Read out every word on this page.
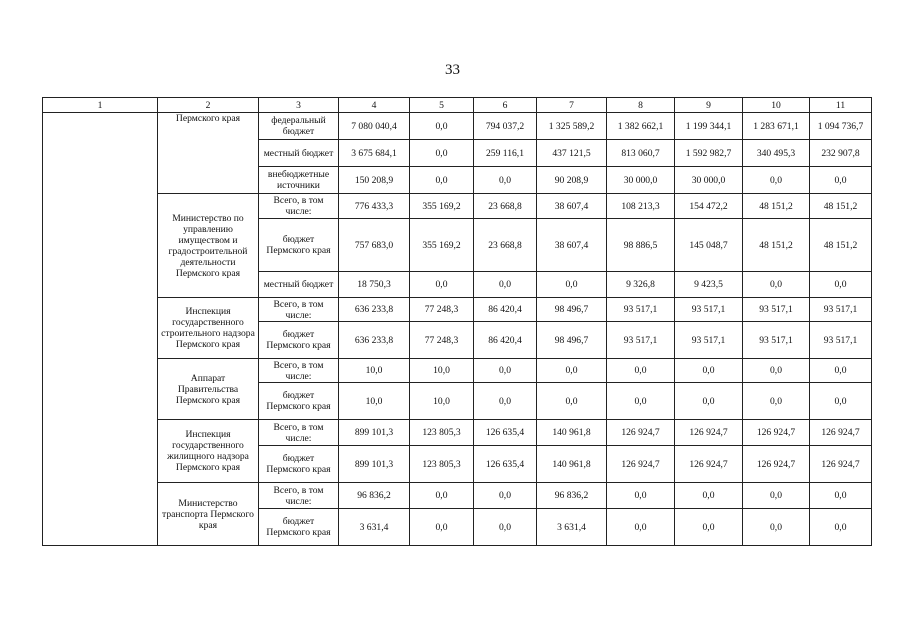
33
1	2	3	4	5	6	7	8	9	10	11
	Пермского края	федеральный бюджет	7 080 040,4	0,0	794 037,2	1 325 589,2	1 382 662,1	1 199 344,1	1 283 671,1	1 094 736,7
		местный бюджет	3 675 684,1	0,0	259 116,1	437 121,5	813 060,7	1 592 982,7	340 495,3	232 907,8
		внебюджетные источники	150 208,9	0,0	0,0	90 208,9	30 000,0	30 000,0	0,0	0,0
	Министерство по управлению имуществом и градостроительной деятельности Пермского края	Всего, в том числе:	776 433,3	355 169,2	23 668,8	38 607,4	108 213,3	154 472,2	48 151,2	48 151,2
		бюджет Пермского края	757 683,0	355 169,2	23 668,8	38 607,4	98 886,5	145 048,7	48 151,2	48 151,2
		местный бюджет	18 750,3	0,0	0,0	0,0	9 326,8	9 423,5	0,0	0,0
	Инспекция государственного строительного надзора Пермского края	Всего, в том числе:	636 233,8	77 248,3	86 420,4	98 496,7	93 517,1	93 517,1	93 517,1	93 517,1
		бюджет Пермского края	636 233,8	77 248,3	86 420,4	98 496,7	93 517,1	93 517,1	93 517,1	93 517,1
	Аппарат Правительства Пермского края	Всего, в том числе:	10,0	10,0	0,0	0,0	0,0	0,0	0,0	0,0
		бюджет Пермского края	10,0	10,0	0,0	0,0	0,0	0,0	0,0	0,0
	Инспекция государственного жилищного надзора Пермского края	Всего, в том числе:	899 101,3	123 805,3	126 635,4	140 961,8	126 924,7	126 924,7	126 924,7	126 924,7
		бюджет Пермского края	899 101,3	123 805,3	126 635,4	140 961,8	126 924,7	126 924,7	126 924,7	126 924,7
	Министерство транспорта Пермского края	Всего, в том числе:	96 836,2	0,0	0,0	96 836,2	0,0	0,0	0,0	0,0
		бюджет Пермского края	3 631,4	0,0	0,0	3 631,4	0,0	0,0	0,0	0,0
